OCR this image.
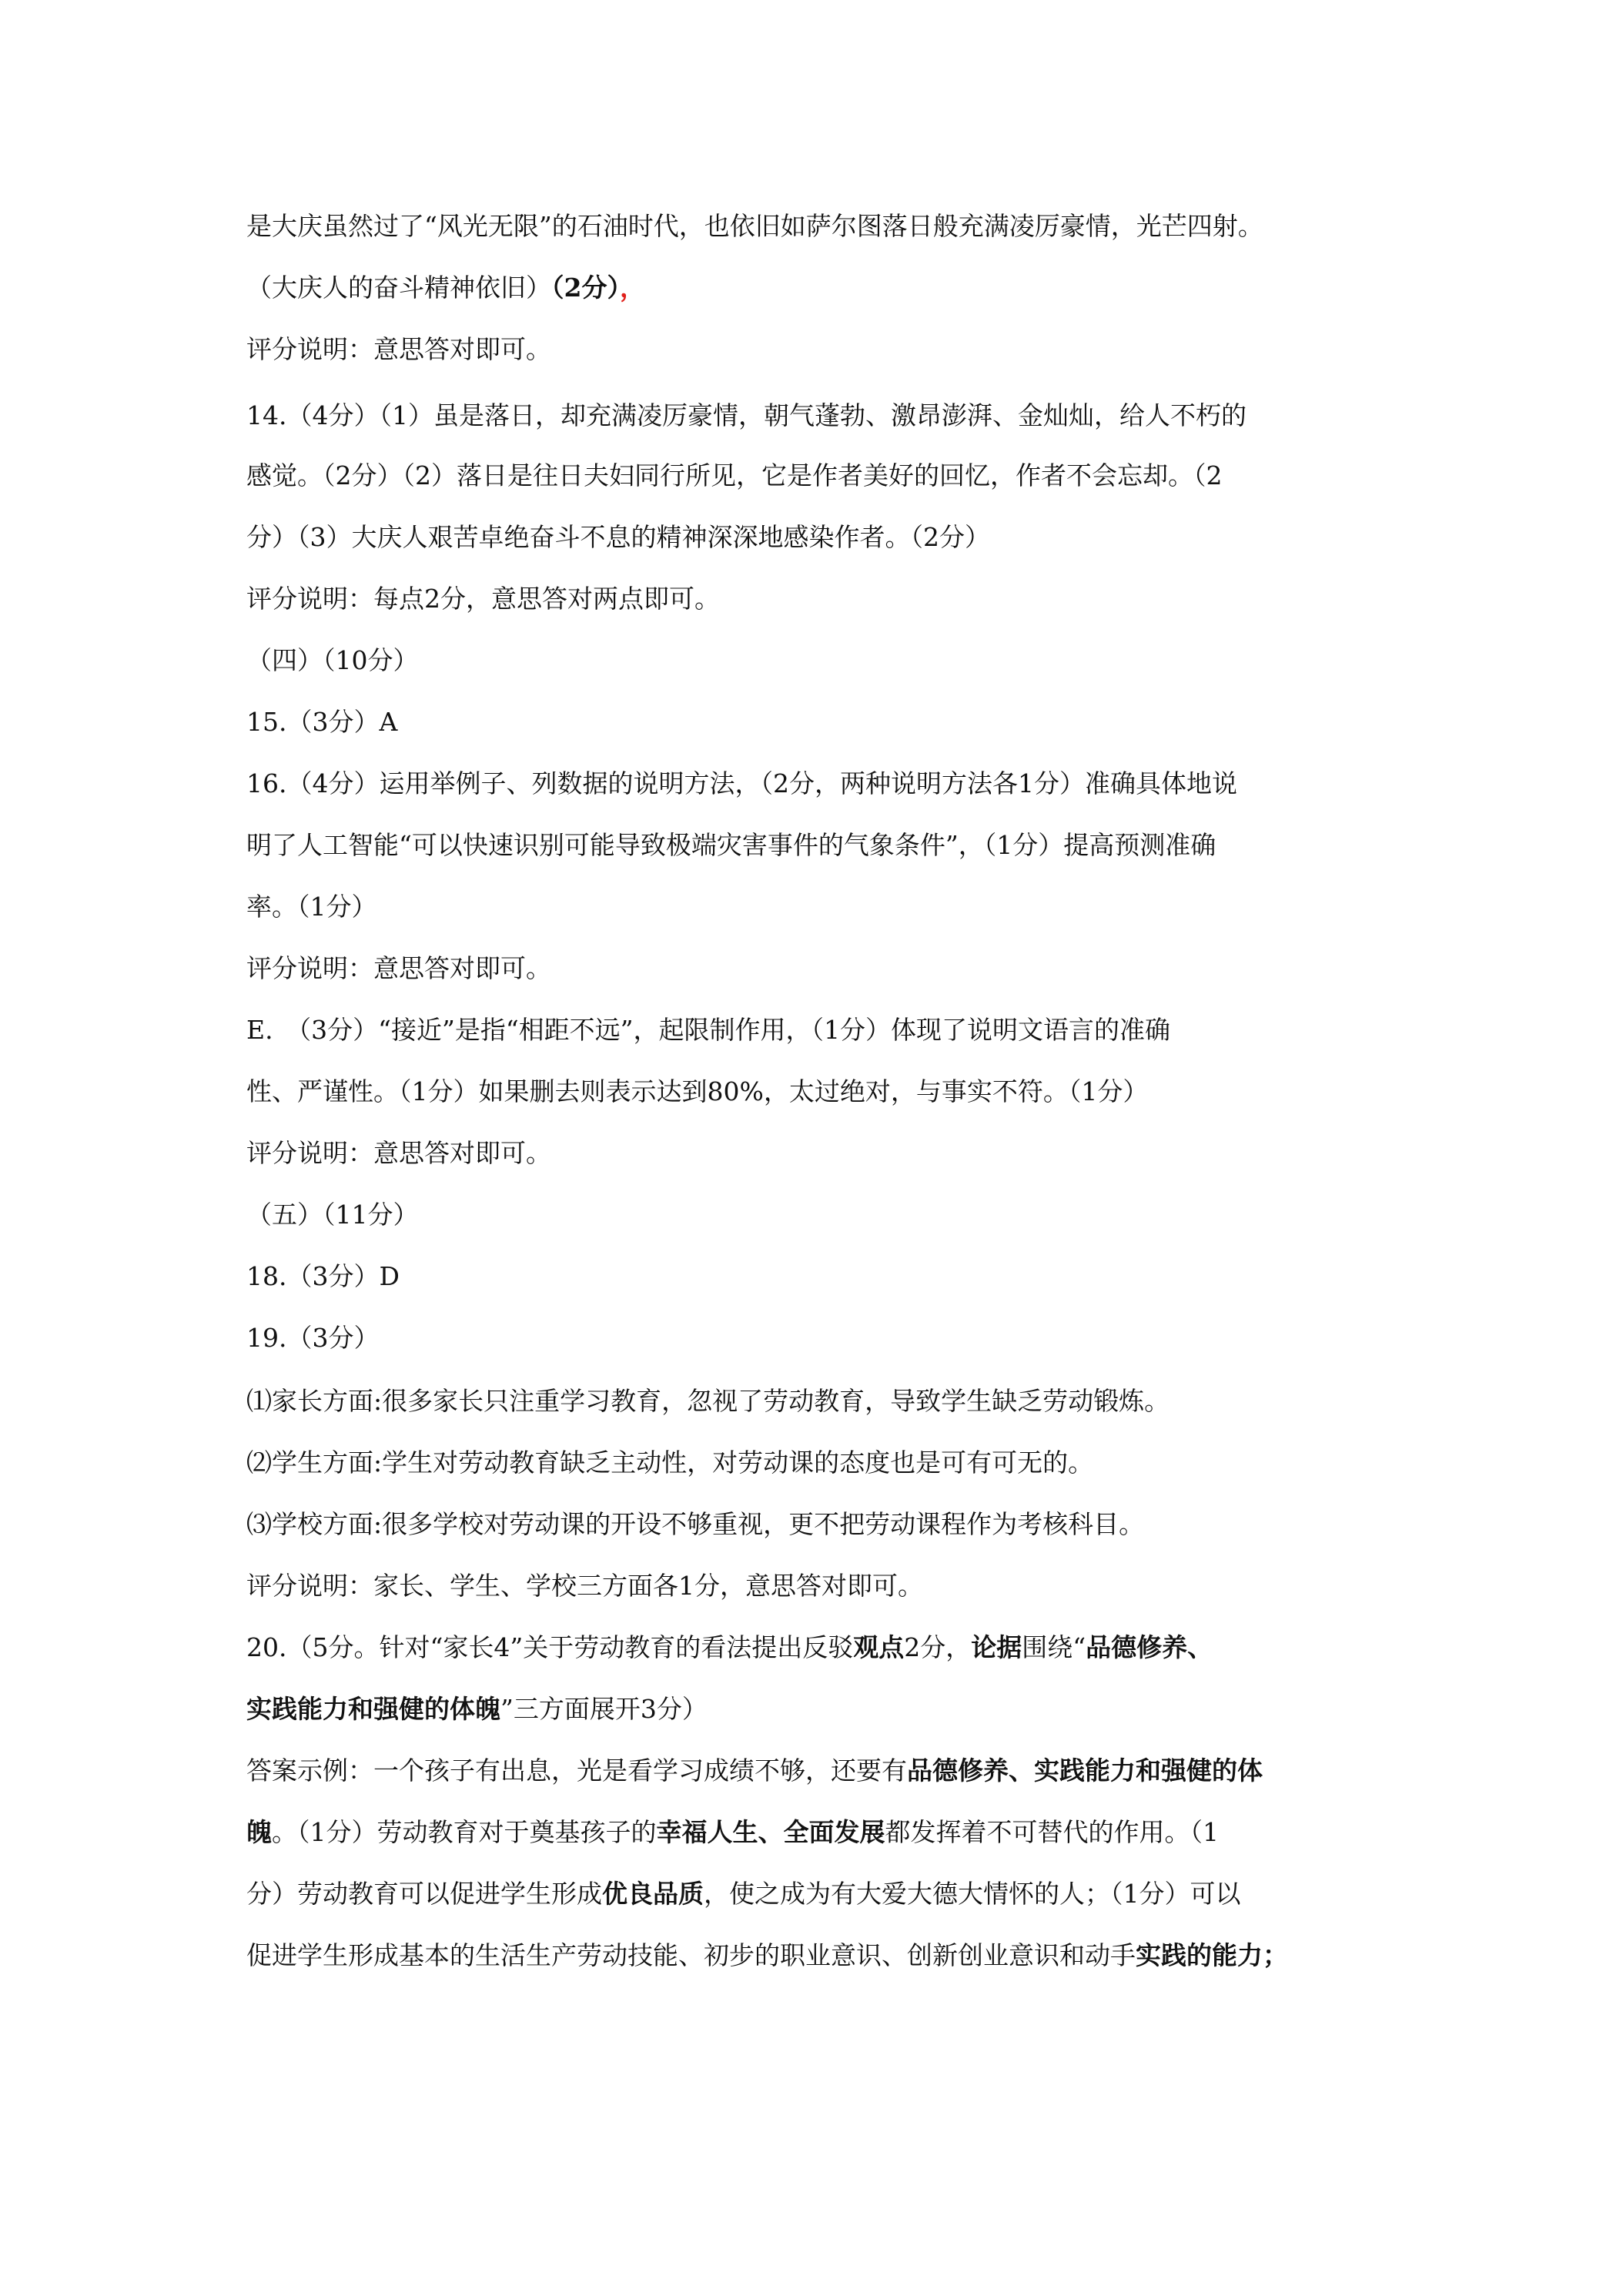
是大庆虽然过了“风光无限”的石油时代，也依旧如萨尔图落日般充满凌厉豪情，光芒四射。
（大庆人的奋斗精神依旧）（2分），
评分说明：意思答对即可。
14.（4分）（1）虽是落日，却充满凌厉豪情，朝气蓬勃、激昂澎湃、金灿灿，给人不朽的
感觉。（2分）（2）落日是往日夫妇同行所见，它是作者美好的回忆，作者不会忘却。（2
分）（3）大庆人艰苦卓绝奋斗不息的精神深深地感染作者。（2分）
评分说明：每点2分，意思答对两点即可。
（四）（10分）
15.（3分）A
16.（4分）运用举例子、列数据的说明方法，（2分，两种说明方法各1分）准确具体地说
明了人工智能“可以快速识别可能导致极端灾害事件的气象条件”，（1分）提高预测准确
率。（1分）
评分说明：意思答对即可。
E.　（3分）“接近”是指“相距不远”，起限制作用，（1分）体现了说明文语言的准确
性、严谨性。（1分）如果删去则表示达到80%，太过绝对，与事实不符。（1分）
评分说明：意思答对即可。
（五）（11分）
18.（3分）D
19.（3分）
⑴家长方面:很多家长只注重学习教育，忽视了劳动教育，导致学生缺乏劳动锻炼。
⑵学生方面:学生对劳动教育缺乏主动性，对劳动课的态度也是可有可无的。
⑶学校方面:很多学校对劳动课的开设不够重视，更不把劳动课程作为考核科目。
评分说明：家长、学生、学校三方面各1分，意思答对即可。
20.（5分。针对“家长4”关于劳动教育的看法提出反驳观点2分，论据围绕“品德修养、
实践能力和强健的体魄”三方面展开3分）
答案示例：一个孩子有出息，光是看学习成绩不够，还要有品德修养、实践能力和强健的体
魄。（1分）劳动教育对于奠基孩子的幸福人生、全面发展都发挥着不可替代的作用。（1
分）劳动教育可以促进学生形成优良品质，使之成为有大爱大德大情怀的人；（1分）可以
促进学生形成基本的生活生产劳动技能、初步的职业意识、创新创业意识和动手实践的能力；
